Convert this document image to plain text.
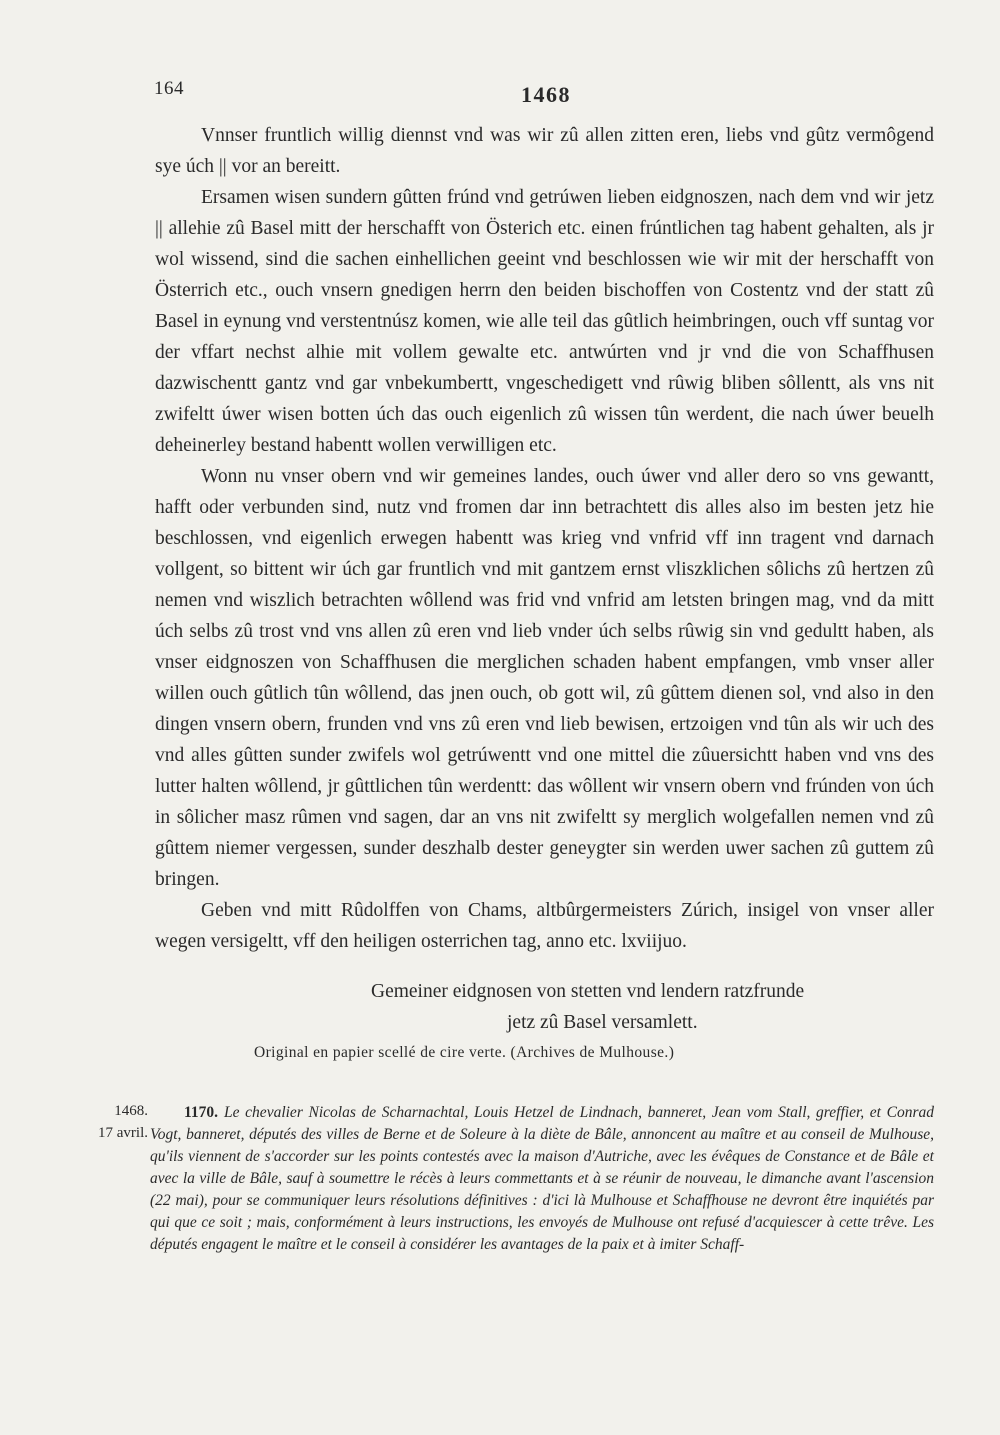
164	1468

Vnnser fruntlich willig diennst vnd was wir zû allen zitten eren, liebs vnd gûtz vermôgend sye úch || vor an bereitt.

Ersamen wisen sundern gûtten frúnd vnd getrúwen lieben eidgnoszen, nach dem vnd wir jetz || allehie zû Basel mitt der herschafft von Österich etc. einen frúntlichen tag habent gehalten, als jr wol wissend, sind die sachen einhellichen geeint vnd beschlossen wie wir mit der herschafft von Österrich etc., ouch vnsern gnedigen herrn den beiden bischoffen von Costentz vnd der statt zû Basel in eynung vnd verstentnúsz komen, wie alle teil das gûtlich heimbringen, ouch vff suntag vor der vffart nechst alhie mit vollem gewalte etc. antwúrten vnd jr vnd die von Schaffhusen dazwischentt gantz vnd gar vnbekumbertt, vngeschedigett vnd rûwig bliben sôllentt, als vns nit zwifeltt úwer wisen botten úch das ouch eigenlich zû wissen tûn werdent, die nach úwer beuelh deheinerley bestand habentt wollen verwilligen etc.

Wonn nu vnser obern vnd wir gemeines landes, ouch úwer vnd aller dero so vns gewantt, hafft oder verbunden sind, nutz vnd fromen dar inn betrachtett dis alles also im besten jetz hie beschlossen, vnd eigenlich erwegen habentt was krieg vnd vnfrid vff inn tragent vnd darnach vollgent, so bittent wir úch gar fruntlich vnd mit gantzem ernst vliszklichen sôlichs zû hertzen zû nemen vnd wiszlich betrachten wôllend was frid vnd vnfrid am letsten bringen mag, vnd da mitt úch selbs zû trost vnd vns allen zû eren vnd lieb vnder úch selbs rûwig sin vnd gedultt haben, als vnser eidgnoszen von Schaffhusen die merglichen schaden habent empfangen, vmb vnser aller willen ouch gûtlich tûn wôllend, das jnen ouch, ob gott wil, zû gûttem dienen sol, vnd also in den dingen vnsern obern, frunden vnd vns zû eren vnd lieb bewisen, ertzoigen vnd tûn als wir uch des vnd alles gûtten sunder zwifels wol getrúwentt vnd one mittel die zûuersichtt haben vnd vns des lutter halten wôllend, jr gûttlichen tûn werdentt: das wôllent wir vnsern obern vnd frúnden von úch in sôlicher masz rûmen vnd sagen, dar an vns nit zwifeltt sy merglich wolgefallen nemen vnd zû gûttem niemer vergessen, sunder deszhalb dester geneygter sin werden uwer sachen zû guttem zû bringen.

Geben vnd mitt Rûdolffen von Chams, altbûrgermeisters Zúrich, insigel von vnser aller wegen versigeltt, vff den heiligen osterrichen tag, anno etc. lxviijuo.

Gemeiner eidgnosen von stetten vnd lendern ratzfrunde
jetz zû Basel versamlett.
Original en papier scellé de cire verte. (Archives de Mulhouse.)
1468.
17 avril.
1170. Le chevalier Nicolas de Scharnachtal, Louis Hetzel de Lindnach, banneret, Jean vom Stall, greffier, et Conrad Vogt, banneret, députés des villes de Berne et de Soleure à la diète de Bâle, annoncent au maître et au conseil de Mulhouse, qu'ils viennent de s'accorder sur les points contestés avec la maison d'Autriche, avec les évêques de Constance et de Bâle et avec la ville de Bâle, sauf à soumettre le récès à leurs commettants et à se réunir de nouveau, le dimanche avant l'ascension (22 mai), pour se communiquer leurs résolutions définitives : d'ici là Mulhouse et Schaffhouse ne devront être inquiétés par qui que ce soit ; mais, conformément à leurs instructions, les envoyés de Mulhouse ont refusé d'acquiescer à cette trêve. Les députés engagent le maître et le conseil à considérer les avantages de la paix et à imiter Schaff-
